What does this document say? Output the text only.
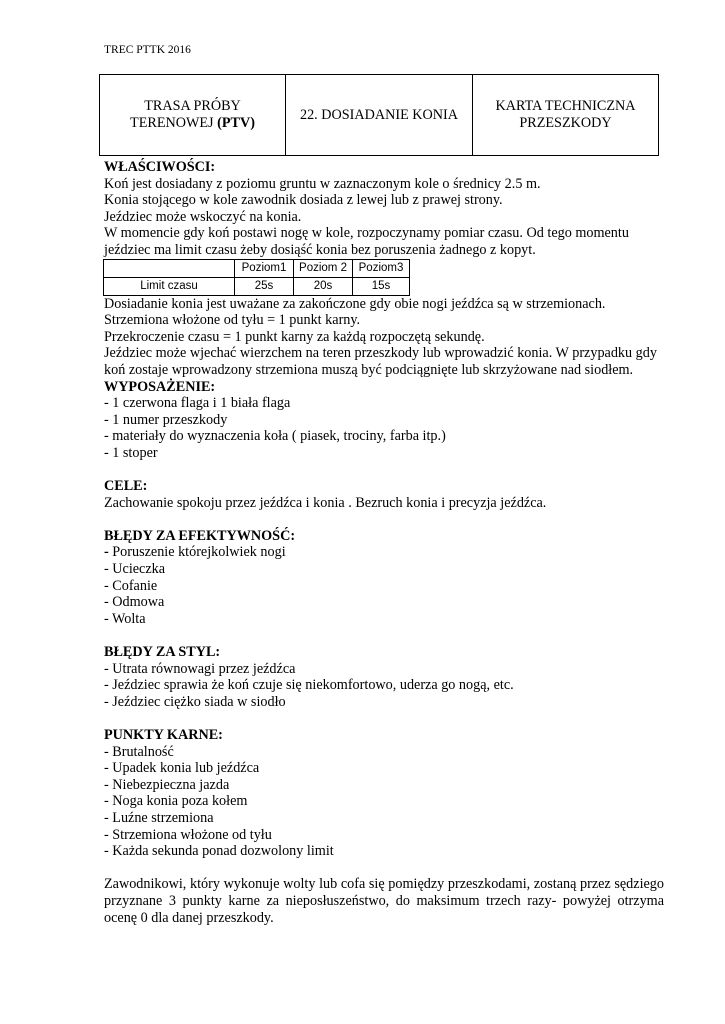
TREC PTTK 2016
TRASA PRÓBY
TERENOWEJ (PTV)

22. DOSIADANIE KONIA

KARTA TECHNICZNA
PRZESZKODY
WŁAŚCIWOŚCI:
Koń jest dosiadany z poziomu gruntu w zaznaczonym kole o średnicy 2.5 m.
Konia stojącego w kole zawodnik dosiada z lewej lub z prawej strony.
Jeździec może wskoczyć na konia.
W momencie gdy koń postawi nogę w kole, rozpoczynamy pomiar czasu. Od tego momentu
jeździec ma limit czasu żeby dosiąść konia bez poruszenia żadnego z kopyt.
	Poziom1	Poziom 2	Poziom3
Limit czasu	25s	20s	15s
Dosiadanie konia jest uważane za zakończone gdy obie nogi jeźdźca są w strzemionach.
Strzemiona włożone od tyłu = 1 punkt karny.
Przekroczenie czasu = 1 punkt karny za każdą rozpoczętą sekundę.
Jeździec może wjechać wierzchem na teren przeszkody lub wprowadzić konia. W przypadku gdy koń zostaje wprowadzony strzemiona muszą być podciągnięte lub skrzyżowane nad siodłem.
WYPOSAŻENIE:
- 1 czerwona flaga i 1 biała flaga
- 1 numer przeszkody
- materiały do wyznaczenia koła ( piasek, trociny, farba itp.)
- 1 stoper
CELE:
Zachowanie spokoju przez jeźdźca i konia . Bezruch konia i precyzja jeźdźca.
BŁĘDY ZA EFEKTYWNOŚĆ:
- Poruszenie którejkolwiek nogi
- Ucieczka
- Cofanie
- Odmowa
- Wolta
BŁĘDY ZA STYL:
- Utrata równowagi przez jeźdźca
- Jeździec sprawia że koń czuje się niekomfortowo, uderza go nogą, etc.
- Jeździec ciężko siada w siodło
PUNKTY KARNE:
- Brutalność
- Upadek konia lub jeźdźca
- Niebezpieczna jazda
- Noga konia poza kołem
- Luźne strzemiona
- Strzemiona włożone od tyłu
- Każda sekunda ponad dozwolony limit
Zawodnikowi, który wykonuje wolty lub cofa się pomiędzy przeszkodami, zostaną przez sędziego przyznane 3 punkty karne za nieposłuszeństwo, do maksimum trzech razy- powyżej otrzyma ocenę 0 dla danej przeszkody.
